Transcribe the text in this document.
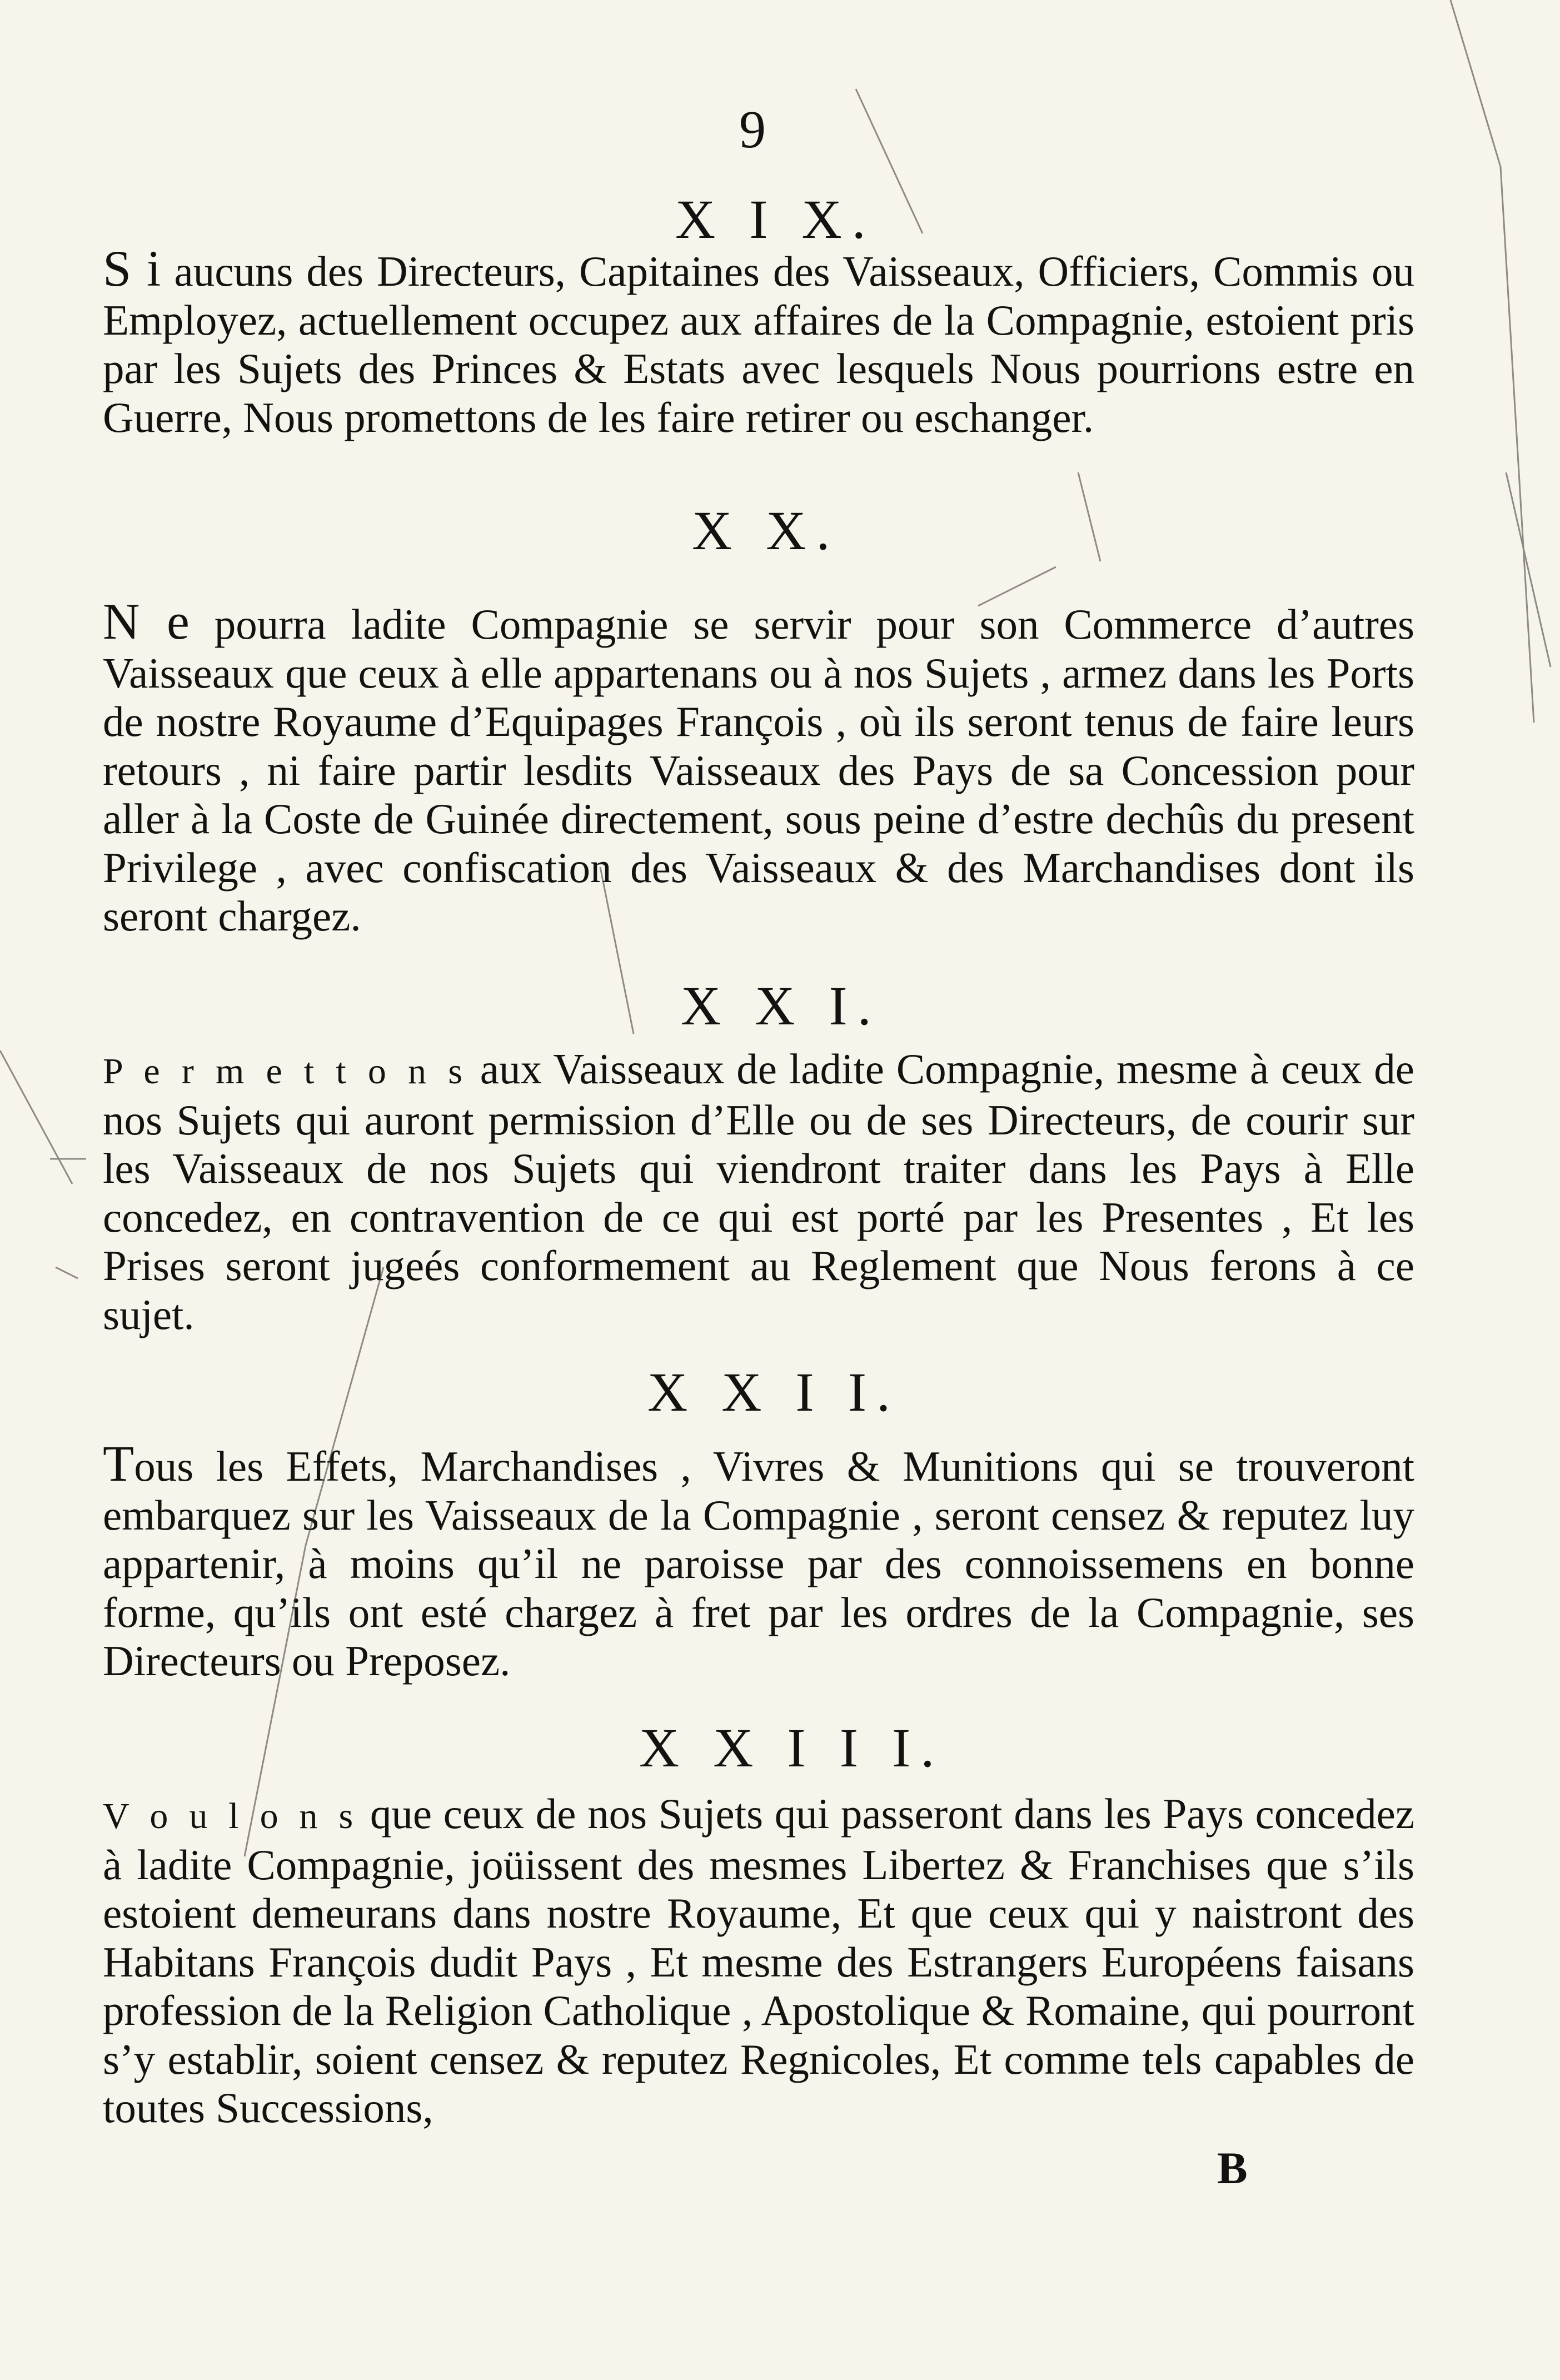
9
X I X.
S i aucuns des Directeurs, Capitaines des Vaisseaux, Officiers, Commis ou Employez, actuellement occupez aux affaires de la Compagnie, estoient pris par les Sujets des Princes & Estats avec lesquels Nous pourrions estre en Guerre, Nous promettons de les faire retirer ou eschanger.
X X.
N e pourra ladite Compagnie se servir pour son Commerce d’autres Vaisseaux que ceux à elle appartenans ou à nos Sujets , armez dans les Ports de nostre Royaume d’Equipages François , où ils seront tenus de faire leurs retours , ni faire partir lesdits Vaisseaux des Pays de sa Concession pour aller à la Coste de Guinée directement, sous peine d’estre dechûs du present Privilege , avec confiscation des Vaisseaux & des Marchandises dont ils seront chargez.
X X I.
P e r m e t t o n s aux Vaisseaux de ladite Compagnie, mesme à ceux de nos Sujets qui auront permission d’Elle ou de ses Directeurs, de courir sur les Vaisseaux de nos Sujets qui viendront traiter dans les Pays à Elle concedez, en contravention de ce qui est porté par les Presentes , Et les Prises seront jugeés conformement au Reglement que Nous ferons à ce sujet.
X X I I.
Tous les Effets, Marchandises , Vivres & Munitions qui se trouveront embarquez sur les Vaisseaux de la Compagnie , seront censez & reputez luy appartenir, à moins qu’il ne paroisse par des connoissemens en bonne forme, qu’ils ont esté chargez à fret par les ordres de la Compagnie, ses Directeurs ou Preposez.
X X I I I.
V o u l o n s que ceux de nos Sujets qui passeront dans les Pays concedez à ladite Compagnie, joüissent des mesmes Libertez & Franchises que s’ils estoient demeurans dans nostre Royaume, Et que ceux qui y naistront des Habitans François dudit Pays , Et mesme des Estrangers Européens faisans profession de la Religion Catholique , Apostolique & Romaine, qui pourront s’y establir, soient censez & reputez Regnicoles, Et comme tels capables de toutes Successions,
B
